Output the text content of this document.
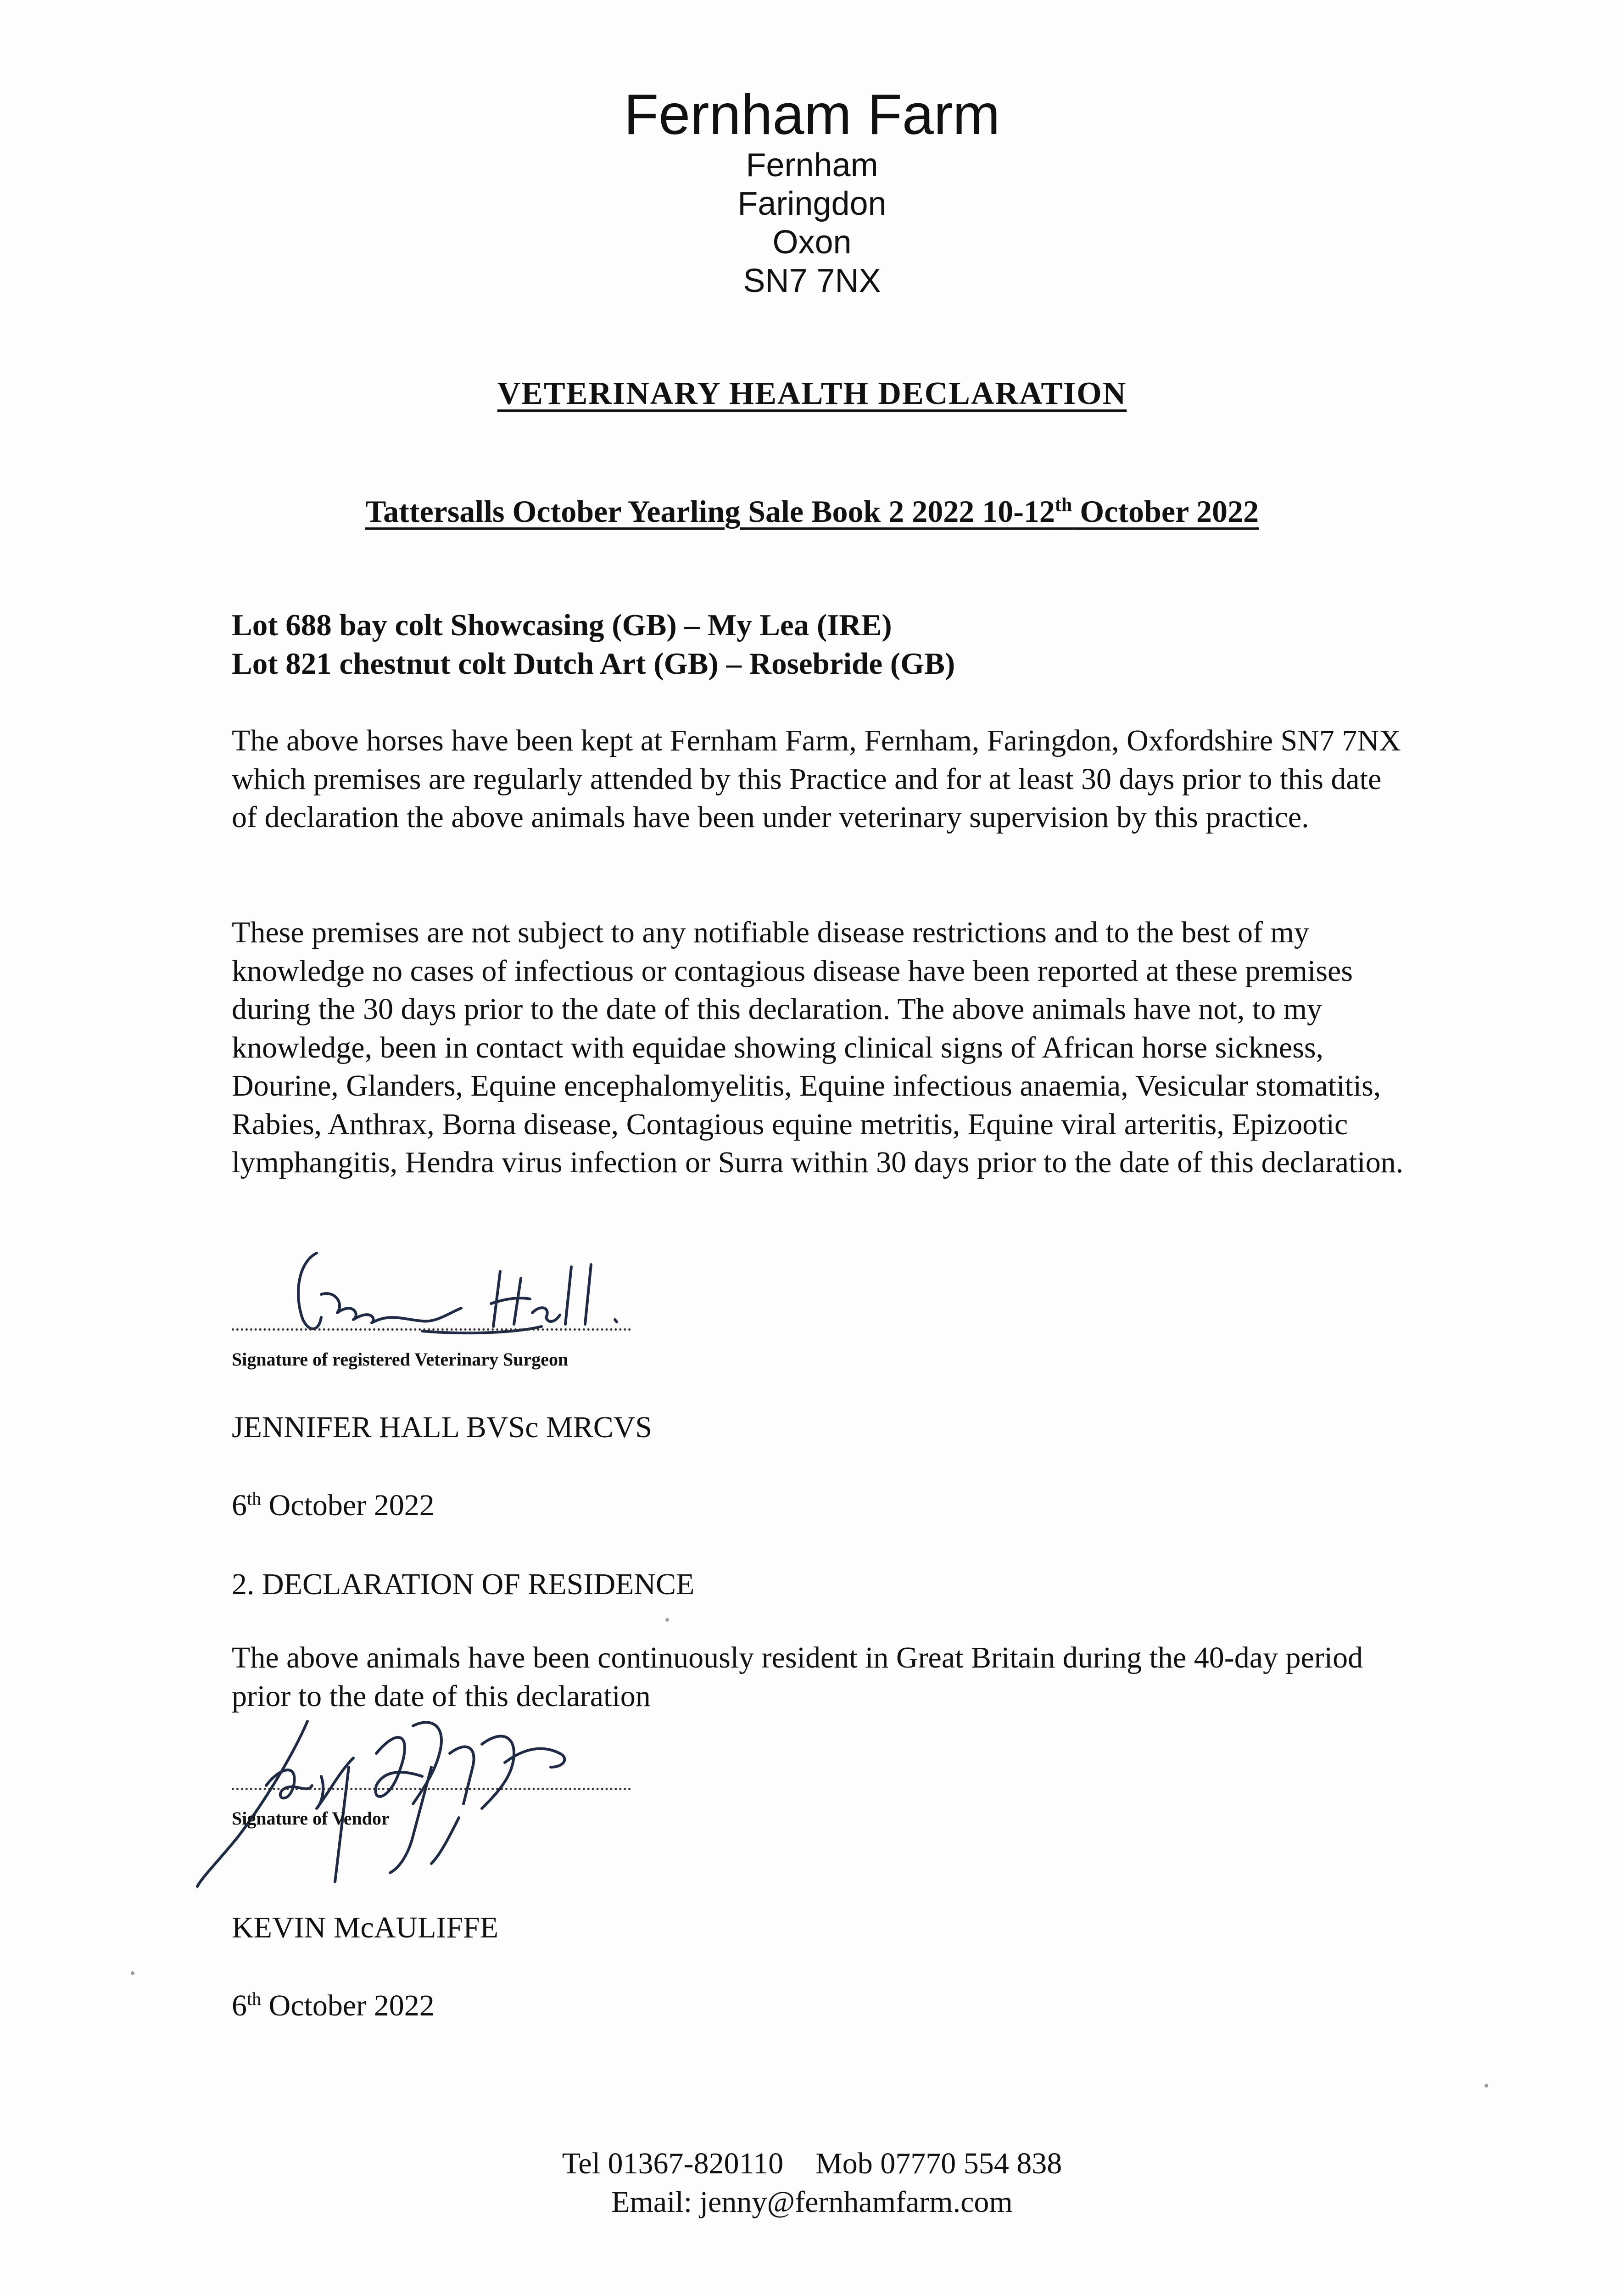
Fernham Farm
Fernham
Faringdon
Oxon
SN7 7NX
VETERINARY HEALTH DECLARATION
Tattersalls October Yearling Sale Book 2 2022 10-12th October 2022
Lot 688 bay colt Showcasing (GB) – My Lea (IRE)
Lot 821 chestnut colt Dutch Art (GB) – Rosebride (GB)

The above horses have been kept at Fernham Farm, Fernham, Faringdon, Oxfordshire SN7 7NX which premises are regularly attended by this Practice and for at least 30 days prior to this date of declaration the above animals have been under veterinary supervision by this practice.

These premises are not subject to any notifiable disease restrictions and to the best of my knowledge no cases of infectious or contagious disease have been reported at these premises during the 30 days prior to the date of this declaration. The above animals have not, to my knowledge, been in contact with equidae showing clinical signs of African horse sickness, Dourine, Glanders, Equine encephalomyelitis, Equine infectious anaemia, Vesicular stomatitis, Rabies, Anthrax, Borna disease, Contagious equine metritis, Equine viral arteritis, Epizootic lymphangitis, Hendra virus infection or Surra within 30 days prior to the date of this declaration.

Signature of registered Veterinary Surgeon
JENNIFER HALL BVSc MRCVS
6th October 2022
2. DECLARATION OF RESIDENCE

The above animals have been continuously resident in Great Britain during the 40-day period prior to the date of this declaration

Signature of Vendor
KEVIN McAULIFFE
6th October 2022
Tel 01367-820110 Mob 07770 554 838
Email: jenny@fernhamfarm.com
